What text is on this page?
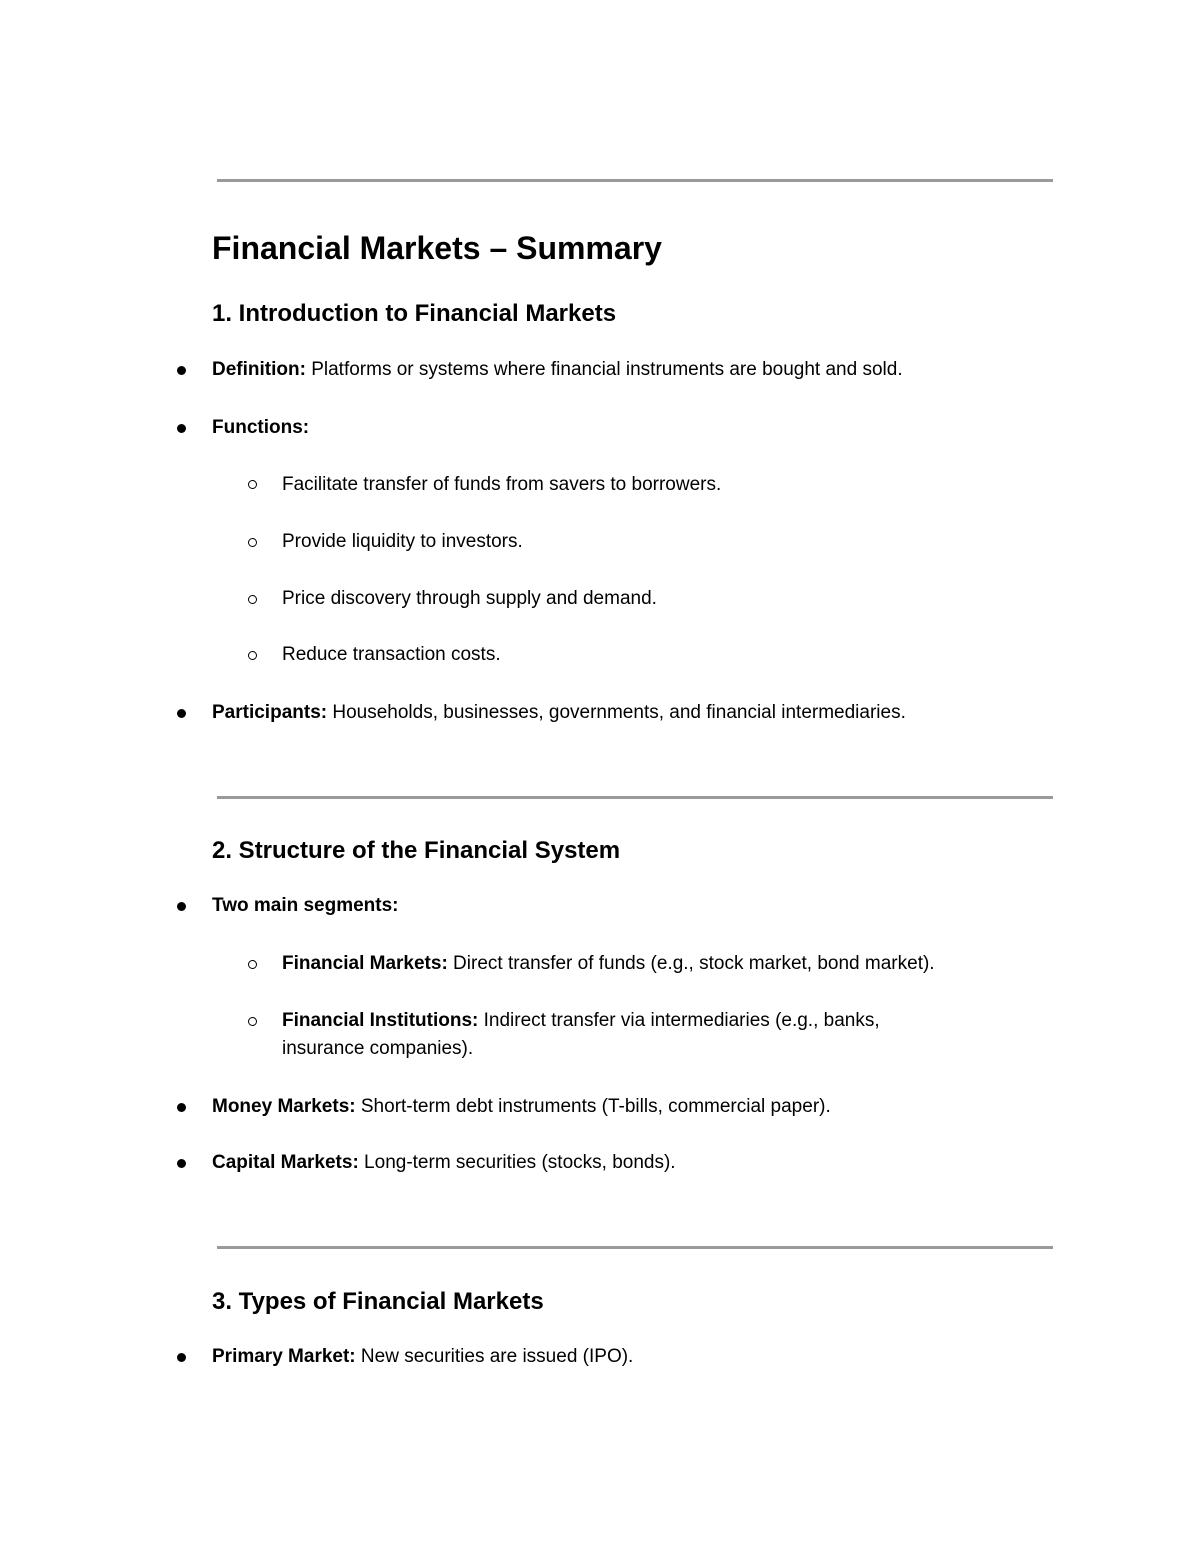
Financial Markets – Summary
1. Introduction to Financial Markets
Definition: Platforms or systems where financial instruments are bought and sold.
Functions:
Facilitate transfer of funds from savers to borrowers.
Provide liquidity to investors.
Price discovery through supply and demand.
Reduce transaction costs.
Participants: Households, businesses, governments, and financial intermediaries.
2. Structure of the Financial System
Two main segments:
Financial Markets: Direct transfer of funds (e.g., stock market, bond market).
Financial Institutions: Indirect transfer via intermediaries (e.g., banks,
insurance companies).
Money Markets: Short-term debt instruments (T-bills, commercial paper).
Capital Markets: Long-term securities (stocks, bonds).
3. Types of Financial Markets
Primary Market: New securities are issued (IPO).
